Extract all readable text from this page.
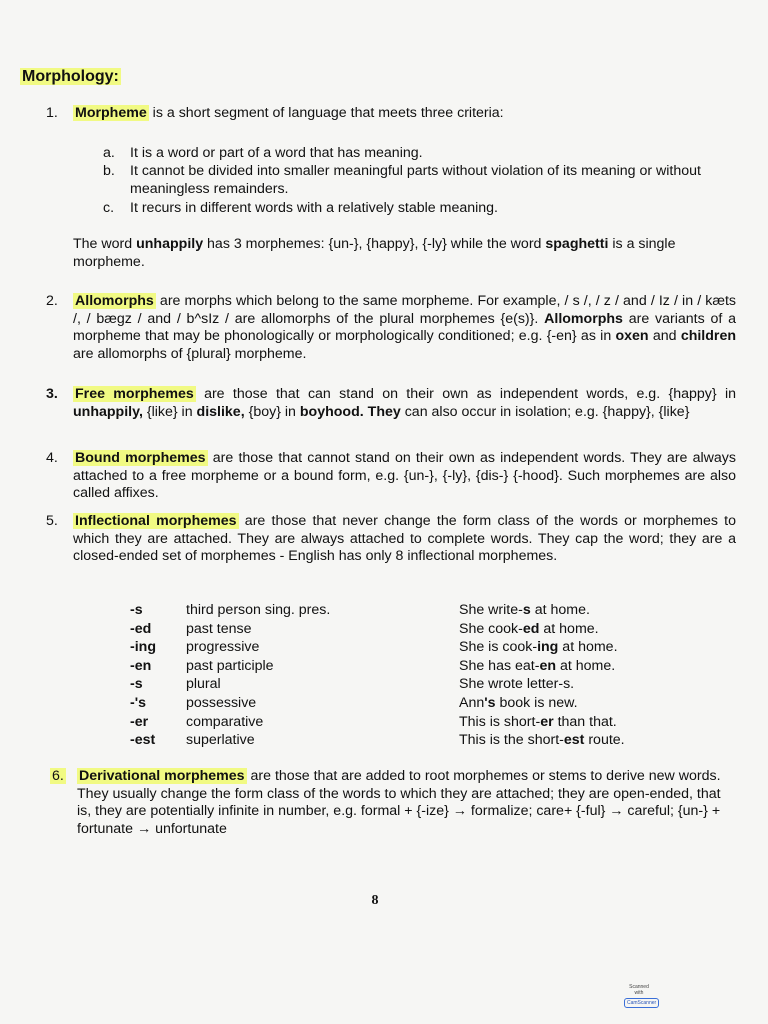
Morphology:
1.	Morpheme is a short segment of language that meets three criteria:
a.	It is a word or part of a word that has meaning.
b.	It cannot be divided into smaller meaningful parts without violation of its meaning or without meaningless remainders.
c.	It recurs in different words with a relatively stable meaning.
The word unhappily has 3 morphemes: {un-}, {happy}, {-ly} while the word spaghetti is a single morpheme.
2.	Allomorphs are morphs which belong to the same morpheme. For example, / s /, / z / and / Iz / in / kæts /, / bægz / and / b^sIz / are allomorphs of the plural morphemes {e(s)}. Allomorphs are variants of a morpheme that may be phonologically or morphologically conditioned; e.g. {-en} as in oxen and children are allomorphs of {plural} morpheme.
3.	Free morphemes are those that can stand on their own as independent words, e.g. {happy} in unhappily, {like} in dislike, {boy} in boyhood. They can also occur in isolation; e.g. {happy}, {like}
4.	Bound morphemes are those that cannot stand on their own as independent words. They are always attached to a free morpheme or a bound form, e.g. {un-}, {-ly}, {dis-} {-hood}. Such morphemes are also called affixes.
5.	Inflectional morphemes are those that never change the form class of the words or morphemes to which they are attached. They are always attached to complete words. They cap the word; they are a closed-ended set of morphemes - English has only 8 inflectional morphemes.
-s	third person sing. pres.	She write-s at home.
-ed past tense	She cook-ed at home.
-ing progressive	She is cook-ing at home.
-en past participle	She has eat-en at home.
-s	plural	She wrote letter-s.
-'s	possessive	Ann's book is new.
-er	comparative	This is short-er than that.
-est superlative	This is the short-est route.
6.	Derivational morphemes are those that are added to root morphemes or stems to derive new words. They usually change the form class of the words to which they are attached; they are open-ended, that is, they are potentially infinite in number, e.g. formal + {-ize} → formalize; care+ {-ful} → careful; {un-} + fortunate → unfortunate
8
Scanned with
CamScanner
